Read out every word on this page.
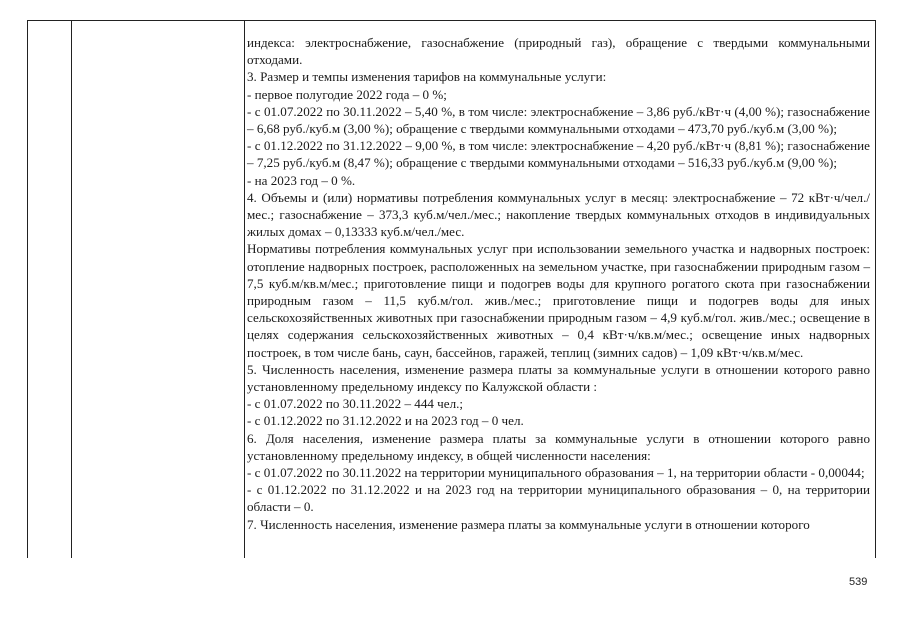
индекса: электроснабжение, газоснабжение (природный газ), обращение с твердыми коммунальными отходами.

3. Размер и темпы изменения тарифов на коммунальные услуги:

- первое полугодие 2022 года – 0 %;

- с 01.07.2022 по 30.11.2022 – 5,40 %, в том числе: электроснабжение – 3,86 руб./кВт·ч (4,00 %); газоснабжение – 6,68 руб./куб.м (3,00 %); обращение с твердыми коммунальными отходами – 473,70 руб./куб.м (3,00 %);

- с 01.12.2022 по 31.12.2022 – 9,00 %, в том числе: электроснабжение – 4,20 руб./кВт·ч (8,81 %); газоснабжение – 7,25 руб./куб.м (8,47 %); обращение с твердыми коммунальными отходами – 516,33 руб./куб.м (9,00 %);

- на 2023 год – 0 %.

4. Объемы и (или) нормативы потребления коммунальных услуг в месяц: электроснабжение – 72 кВт·ч/чел./мес.; газоснабжение – 373,3 куб.м/чел./мес.; накопление твердых коммунальных отходов в индивидуальных жилых домах – 0,13333 куб.м/чел./мес.

Нормативы потребления коммунальных услуг при использовании земельного участка и надворных построек: отопление надворных построек, расположенных на земельном участке, при газоснабжении природным газом – 7,5 куб.м/кв.м/мес.; приготовление пищи и подогрев воды для крупного рогатого скота при газоснабжении природным газом – 11,5 куб.м/гол. жив./мес.; приготовление пищи и подогрев воды для иных сельскохозяйственных животных при газоснабжении природным газом – 4,9 куб.м/гол. жив./мес.; освещение в целях содержания сельскохозяйственных животных – 0,4 кВт·ч/кв.м/мес.; освещение иных надворных построек, в том числе бань, саун, бассейнов, гаражей, теплиц (зимних садов) – 1,09 кВт·ч/кв.м/мес.

5. Численность населения, изменение размера платы за коммунальные услуги в отношении которого равно установленному предельному индексу по Калужской области :

- с 01.07.2022 по 30.11.2022 – 444 чел.;

- с 01.12.2022 по 31.12.2022 и на 2023 год – 0 чел.

6. Доля населения, изменение размера платы за коммунальные услуги в отношении которого равно установленному предельному индексу, в общей численности населения:

- с 01.07.2022 по 30.11.2022 на территории муниципального образования – 1, на территории области - 0,00044;

- с 01.12.2022 по 31.12.2022 и на 2023 год на территории муниципального образования – 0, на территории области – 0.

7. Численность населения, изменение размера платы за коммунальные услуги в отношении которого

539
